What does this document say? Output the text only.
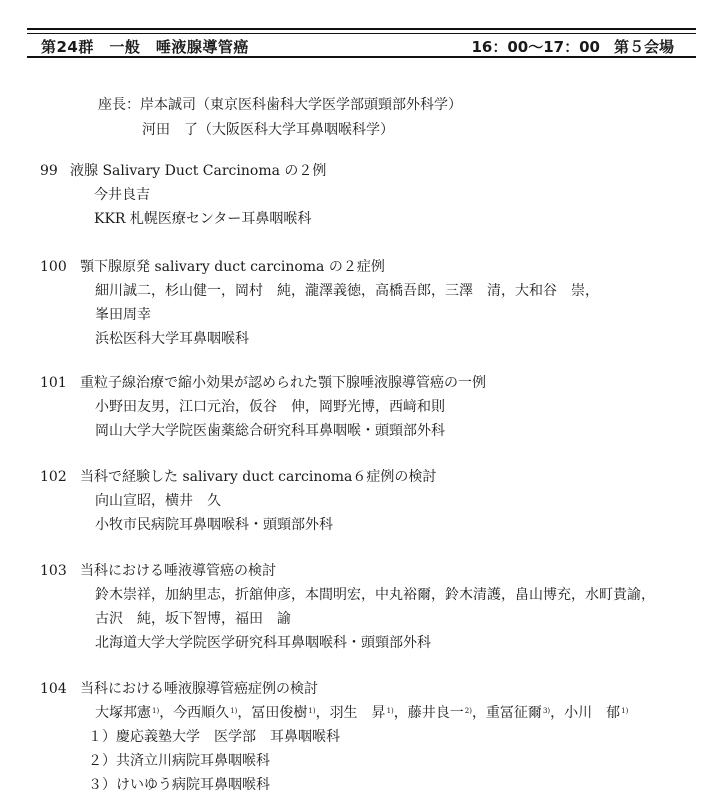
第24群　一般　唾液腺導管癌	16：00〜17：00 第５会場
座長：岸本誠司（東京医科歯科大学医学部頭頸部外科学）
河田　了（大阪医科大学耳鼻咽喉科学）
99 液腺 Salivary Duct Carcinoma の２例
今井良吉
KKR 札幌医療センター耳鼻咽喉科
100 顎下腺原発 salivary duct carcinoma の２症例
細川誠二，杉山健一，岡村　純，瀧澤義徳，高橋吾郎，三澤　清，大和谷　崇，
峯田周幸
浜松医科大学耳鼻咽喉科
101 重粒子線治療で縮小効果が認められた顎下腺唾液腺導管癌の一例
小野田友男，江口元治，仮谷　伸，岡野光博，西﨑和則
岡山大学大学院医歯薬総合研究科耳鼻咽喉・頭頸部外科
102 当科で経験した salivary duct carcinoma６症例の検討
向山宣昭，横井　久
小牧市民病院耳鼻咽喉科・頭頸部外科
103 当科における唾液導管癌の検討
鈴木崇祥，加納里志，折舘伸彦，本間明宏，中丸裕爾，鈴木清護，畠山博充，水町貴諭，
古沢　純，坂下智博，福田　諭
北海道大学大学院医学研究科耳鼻咽喉科・頭頸部外科
104 当科における唾液腺導管癌症例の検討
大塚邦憲$^{1)}$，今西順久$^{1)}$，冨田俊樹$^{1)}$，羽生　昇$^{1)}$，藤井良一$^{2)}$，重冨征爾$^{3)}$，小川　郁$^{1)}$
１）慶応義塾大学　医学部　耳鼻咽喉科
２）共済立川病院耳鼻咽喉科
３）けいゆう病院耳鼻咽喉科
